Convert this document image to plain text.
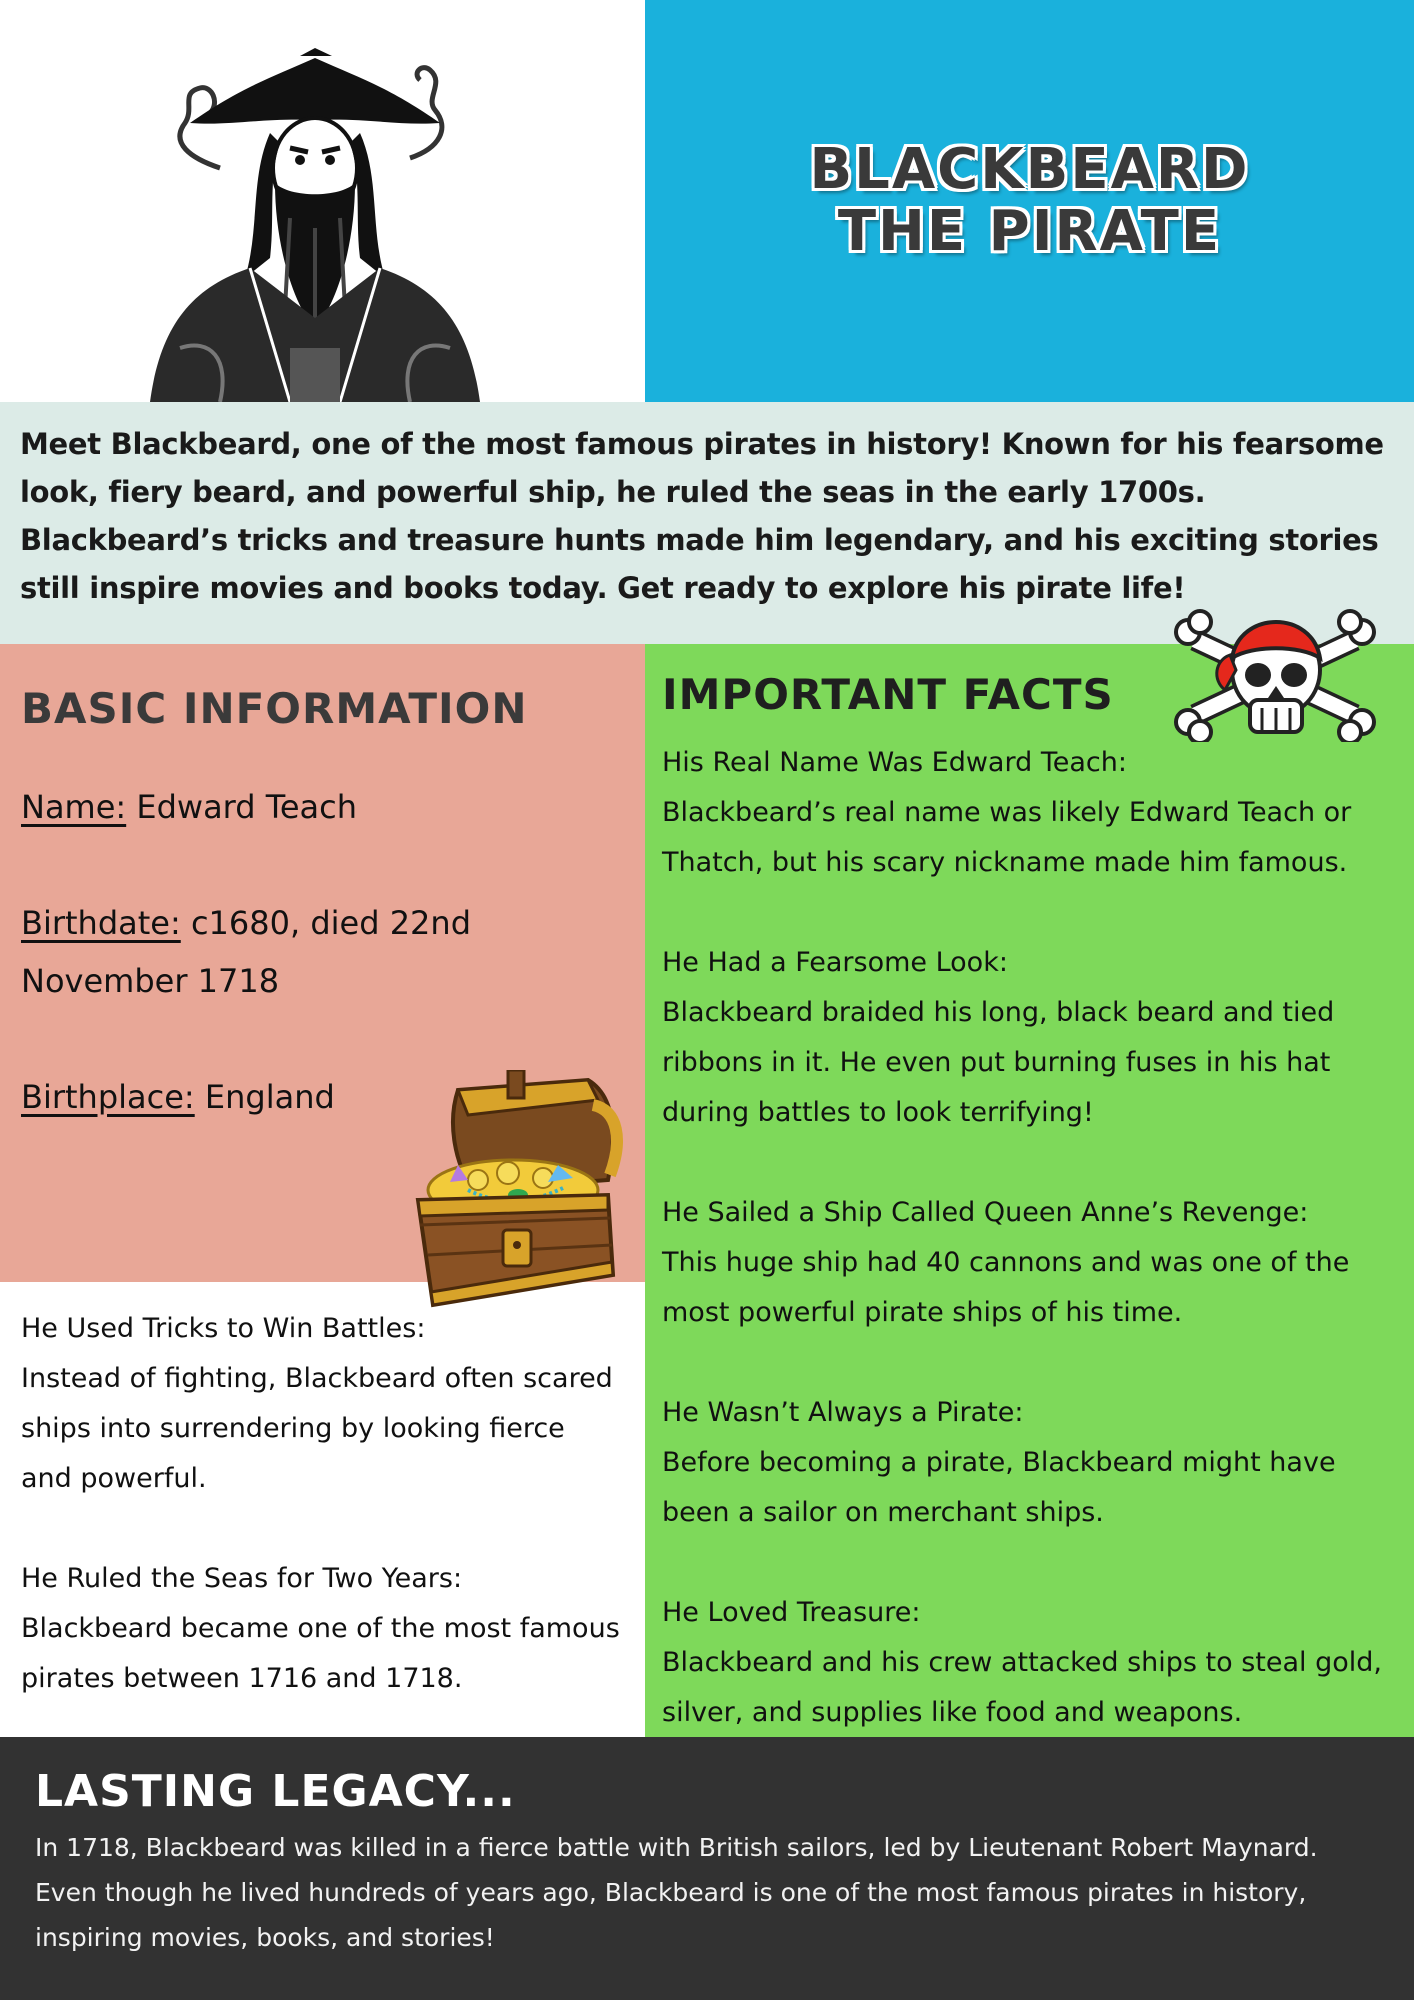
BLACKBEARD THE PIRATE

Meet Blackbeard, one of the most famous pirates in history! Known for his fearsome look, fiery beard, and powerful ship, he ruled the seas in the early 1700s. Blackbeard’s tricks and treasure hunts made him legendary, and his exciting stories still inspire movies and books today. Get ready to explore his pirate life!

BASIC INFORMATION
Name: Edward Teach
Birthdate: c1680, died 22nd November 1718
Birthplace: England

He Used Tricks to Win Battles:

Instead of fighting, Blackbeard often scared ships into surrendering by looking fierce and powerful.

He Ruled the Seas for Two Years:

Blackbeard became one of the most famous pirates between 1716 and 1718.

IMPORTANT FACTS

His Real Name Was Edward Teach:

Blackbeard’s real name was likely Edward Teach or Thatch, but his scary nickname made him famous.

He Had a Fearsome Look:

Blackbeard braided his long, black beard and tied ribbons in it. He even put burning fuses in his hat during battles to look terrifying!

He Sailed a Ship Called Queen Anne’s Revenge:

This huge ship had 40 cannons and was one of the most powerful pirate ships of his time.

He Wasn’t Always a Pirate:

Before becoming a pirate, Blackbeard might have been a sailor on merchant ships.

He Loved Treasure:

Blackbeard and his crew attacked ships to steal gold, silver, and supplies like food and weapons.

LASTING LEGACY...

In 1718, Blackbeard was killed in a fierce battle with British sailors, led by Lieutenant Robert Maynard. Even though he lived hundreds of years ago, Blackbeard is one of the most famous pirates in history, inspiring movies, books, and stories!
